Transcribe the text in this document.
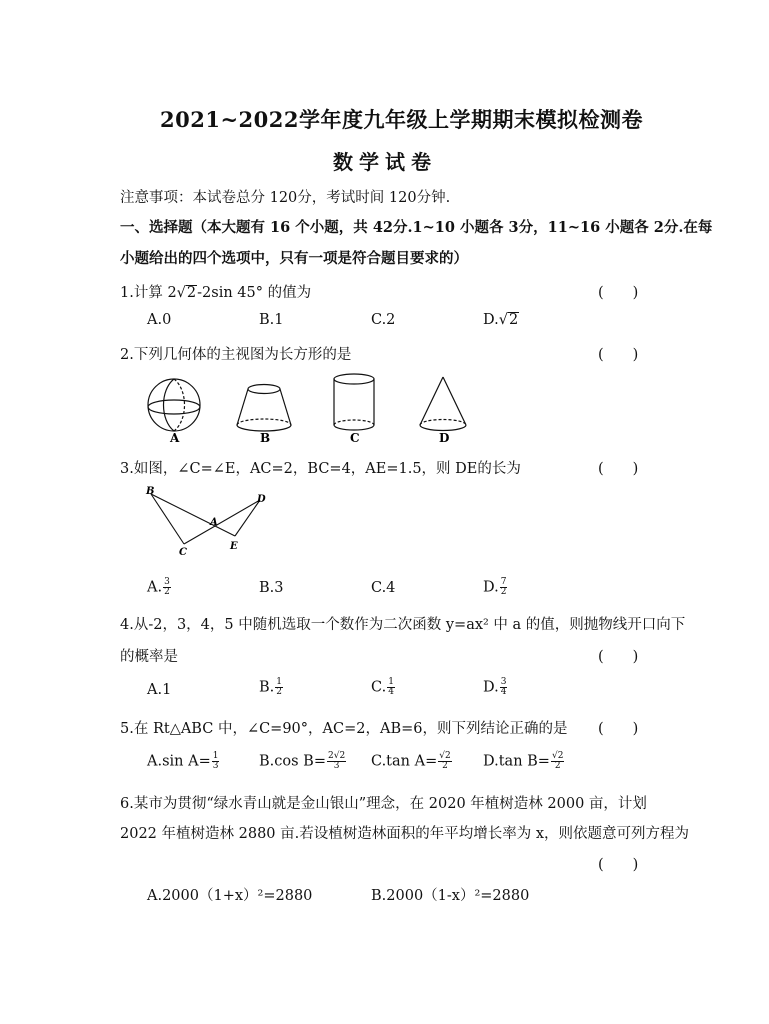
2021~2022学年度九年级上学期期末模拟检测卷
数学试卷
注意事项：本试卷总分 120分，考试时间 120分钟.
一、选择题（本大题有 16 个小题，共 42分.1~10 小题各 3分，11~16 小题各 2分.在每
小题给出的四个选项中，只有一项是符合题目要求的）
1.计算 2√2-2sin 45° 的值为	(　　)
A.0	B.1	C.2	D.√2
2.下列几何体的主视图为长方形的是	(　　)
A	B	C	D
3.如图，∠C=∠E，AC=2，BC=4，AE=1.5，则 DE的长为	(　　)
B
D
A
C
E
A. $\frac{3}{2}$	B.3	C.4	D. $\frac{7}{2}$
4.从-2，3，4，5 中随机选取一个数作为二次函数 y=ax² 中 a 的值，则抛物线开口向下
的概率是	(　　)
A.1	B. $\frac{1}{2}$	C. $\frac{1}{4}$	D. $\frac{3}{4}$
5.在 Rt△ABC 中，∠C=90°，AC=2，AB=6，则下列结论正确的是 (　　)
A.sin $A= \frac{1}{3}$	B.cos $B= \frac{2√2}{3} C.\tan$ $A= \frac{√2}{2} D.\tan$ $B= \frac{√2}{2}$
6.某市为贯彻“绿水青山就是金山银山”理念，在 2020 年植树造林 2000 亩，计划
2022 年植树造林 2880 亩.若设植树造林面积的年平均增长率为 x，则依题意可列方程为
(　　)
A.2000（1+x）²=2880	B.2000（1-x）²=2880
